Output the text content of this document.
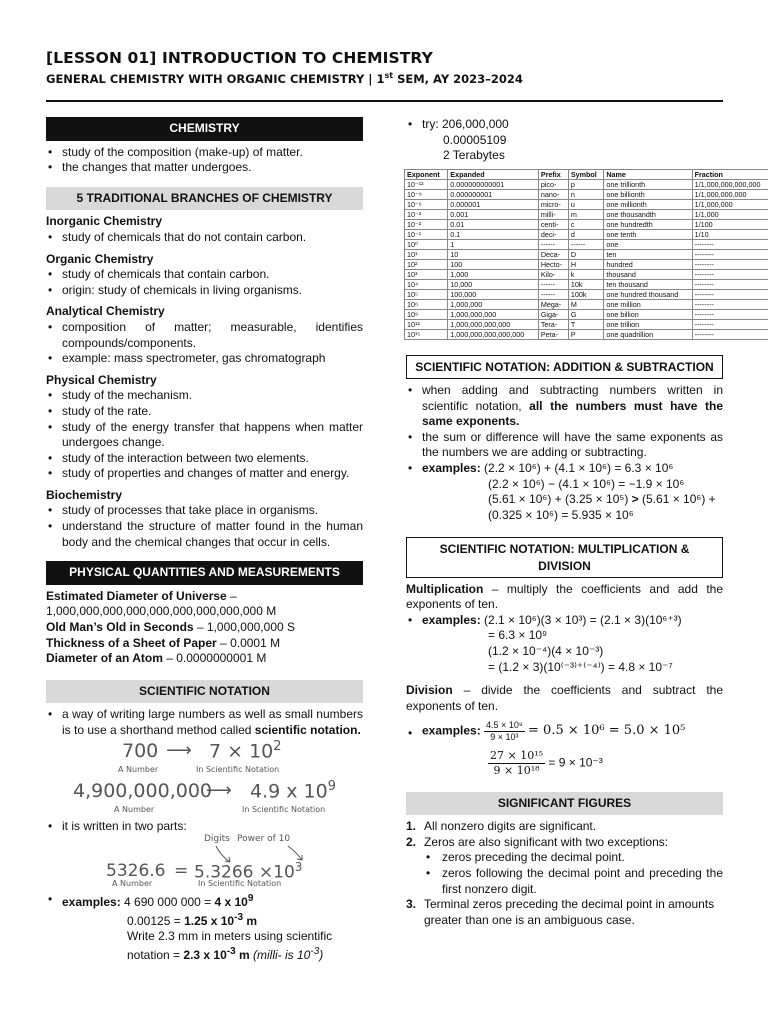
[LESSON 01] INTRODUCTION TO CHEMISTRY
GENERAL CHEMISTRY WITH ORGANIC CHEMISTRY | 1st SEM, AY 2023–2024
CHEMISTRY
• study of the composition (make-up) of matter.
• the changes that matter undergoes.
5 TRADITIONAL BRANCHES OF CHEMISTRY
Inorganic Chemistry
• study of chemicals that do not contain carbon.
Organic Chemistry
• study of chemicals that contain carbon.
• origin: study of chemicals in living organisms.
Analytical Chemistry
• composition of matter; measurable, identifies compounds/components.
• example: mass spectrometer, gas chromatograph
Physical Chemistry
• study of the mechanism.
• study of the rate.
• study of the energy transfer that happens when matter undergoes change.
• study of the interaction between two elements.
• study of properties and changes of matter and energy.
Biochemistry
• study of processes that take place in organisms.
• understand the structure of matter found in the human body and the chemical changes that occur in cells.
PHYSICAL QUANTITIES AND MEASUREMENTS
Estimated Diameter of Universe –
1,000,000,000,000,000,000,000,000,000 M
Old Man’s Old in Seconds – 1,000,000,000 S
Thickness of a Sheet of Paper – 0.0001 M
Diameter of an Atom – 0.0000000001 M
SCIENTIFIC NOTATION
• a way of writing large numbers as well as small numbers is to use a shorthand method called scientific notation.
700 ⟶ $7 \times 10^2$
A Number	In Scientific Notation
4,900,000,000
⟶ 4.9 x $10^9$
A Number	In Scientific Notation
• it is written in two parts:
Digits Power of 10
$5326.6 = 5.3266 \times 10^3$
A Number	In Scientific Notation
• examples: 4 690 000 000 = 4 x $10^9$
0.00125 = 1.25 x $10^{-3}$ m
Write 2.3 mm in meters using scientific notation = 2.3 x $10^{-3}$ m (milli- is $10^{-3}$)
• try: 206,000,000
0.00005109
2 Terabytes
Exponent	Expanded	Prefix	Symbol	Name	Fraction
10⁻¹²	0.000000000001	pico-	p	one trillionth	1/1,000,000,000,000
10⁻⁹	0.000000001	nano-	n	one billionth	1/1,000,000,000
10⁻⁶	0.000001	micro-	u	one millionth	1/1,000,000
10⁻³	0.001	milli-	m	one thousandth	1/1,000
10⁻²	0.01	centi-	c	one hundredth	1/100
10⁻¹	0.1	deci-	d	one tenth	1/10
10⁰	1	------	------	one	--------
10¹	10	Deca-	D	ten	--------
10²	100	Hecto-	H	hundred	--------
10³	1,000	Kilo-	k	thousand	--------
10⁴	10,000	------	10k	ten thousand	--------
10⁵	100,000	------	100k	one hundred thousand	--------
10⁶	1,000,000	Mega-	M	one million	--------
10⁹	1,000,000,000	Giga-	G	one billion	--------
10¹²	1,000,000,000,000	Tera-	T	one trillion	--------
10¹⁵	1,000,000,000,000,000	Peta-	P	one quadrillion	--------
SCIENTIFIC NOTATION: ADDITION & SUBTRACTION
• when adding and subtracting numbers written in scientific notation, all the numbers must have the same exponents.
• the sum or difference will have the same exponents as the numbers we are adding or subtracting.
• examples: (2.2 × 10⁶) + (4.1 × 10⁶) = 6.3 × 10⁶
(2.2 × 10⁶) − (4.1 × 10⁶) = −1.9 × 10⁶
(5.61 × 10⁶) + (3.25 × 10⁵) > (5.61 × 10⁶) +
(0.325 × 10⁶) = 5.935 × 10⁶
SCIENTIFIC NOTATION: MULTIPLICATION & DIVISION

Multiplication – multiply the coefficients and add the exponents of ten.

• examples: (2.1 × 10⁶)(3 × 10³) = (2.1 × 3)(10⁶⁺³)
= 6.3 × 10⁹
(1.2 × 10⁻⁴)(4 × 10⁻³)
= (1.2 × 3)(10⁽⁻³⁾⁺⁽⁻⁴⁾) = 4.8 × 10⁻⁷

Division – divide the coefficients and subtract the exponents of ten.

• examples: $\frac{\text{4.5 × 10⁹}}{\text{9 × 10³}} = 0.5 \times 10^6 = 5.0 \times 10^5$
$\frac{\text{27 × 10¹⁵}}{\text{9 × 10¹⁸}} = 9 \times 10^{-3}$
SIGNIFICANT FIGURES
1. All nonzero digits are significant.
2. Zeros are also significant with two exceptions:
• zeros preceding the decimal point.
• zeros following the decimal point and preceding the first nonzero digit.
3. Terminal zeros preceding the decimal point in amounts greater than one is an ambiguous case.
